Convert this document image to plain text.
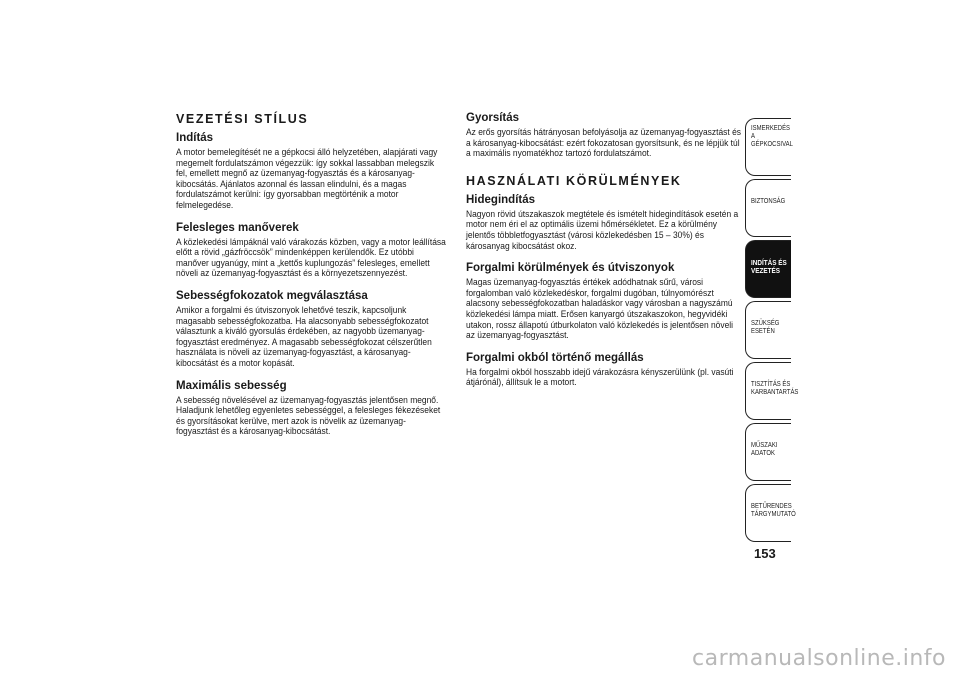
VEZETÉSI STÍLUS
Indítás

A motor bemelegítését ne a gépkocsi álló helyzetében, alapjárati vagy megemelt fordulatszámon végezzük: így sokkal lassabban melegszik fel, emellett megnő az üzemanyag-fogyasztás és a károsanyag-kibocsátás. Ajánlatos azonnal és lassan elindulni, és a magas fordulatszámot kerülni: így gyorsabban megtörténik a motor felmelegedése.

Felesleges manőverek

A közlekedési lámpáknál való várakozás közben, vagy a motor leállítása előtt a rövid „gázfröccsök” mindenképpen kerülendők. Ez utóbbi manőver ugyanúgy, mint a „kettős kuplungozás” felesleges, emellett növeli az üzemanyag-fogyasztást és a környezetszennyezést.

Sebességfokozatok megválasztása

Amikor a forgalmi és útviszonyok lehetővé teszik, kapcsoljunk magasabb sebességfokozatba. Ha alacsonyabb sebességfokozatot választunk a kiváló gyorsulás érdekében, az nagyobb üzemanyag-fogyasztást eredményez. A magasabb sebességfokozat célszerűtlen használata is növeli az üzemanyag-fogyasztást, a károsanyag-kibocsátást és a motor kopását.

Maximális sebesség

A sebesség növelésével az üzemanyag-fogyasztás jelentősen megnő. Haladjunk lehetőleg egyenletes sebességgel, a felesleges fékezéseket és gyorsításokat kerülve, mert azok is növelik az üzemanyag-fogyasztást és a károsanyag-kibocsátást.

Gyorsítás

Az erős gyorsítás hátrányosan befolyásolja az üzemanyag-fogyasztást és a károsanyag-kibocsátást: ezért fokozatosan gyorsítsunk, és ne lépjük túl a maximális nyomatékhoz tartozó fordulatszámot.

HASZNÁLATI KÖRÜLMÉNYEK
Hidegindítás

Nagyon rövid útszakaszok megtétele és ismételt hidegindítások esetén a motor nem éri el az optimális üzemi hőmérsékletet. Ez a körülmény jelentős többletfogyasztást (városi közlekedésben 15 – 30%) és károsanyag kibocsátást okoz.

Forgalmi körülmények és útviszonyok

Magas üzemanyag-fogyasztás értékek adódhatnak sűrű, városi forgalomban való közlekedéskor, forgalmi dugóban, túlnyomórészt alacsony sebességfokozatban haladáskor vagy városban a nagyszámú közlekedési lámpa miatt. Erősen kanyargó útszakaszokon, hegyvidéki utakon, rossz állapotú útburkolaton való közlekedés is jelentősen növeli az üzemanyag-fogyasztást.

Forgalmi okból történő megállás

Ha forgalmi okból hosszabb idejű várakozásra kényszerülünk (pl. vasúti átjárónál), állítsuk le a motort.

ISMERKEDÉS A GÉPKOCSIVAL
BIZTONSÁG
INDÍTÁS ÉS VEZETÉS
SZÜKSÉG ESETÉN
TISZTÍTÁS ÉS KARBANTARTÁS
MŰSZAKI ADATOK
BETŰRENDES TÁRGYMUTATÓ
153
carmanualsonline.info
